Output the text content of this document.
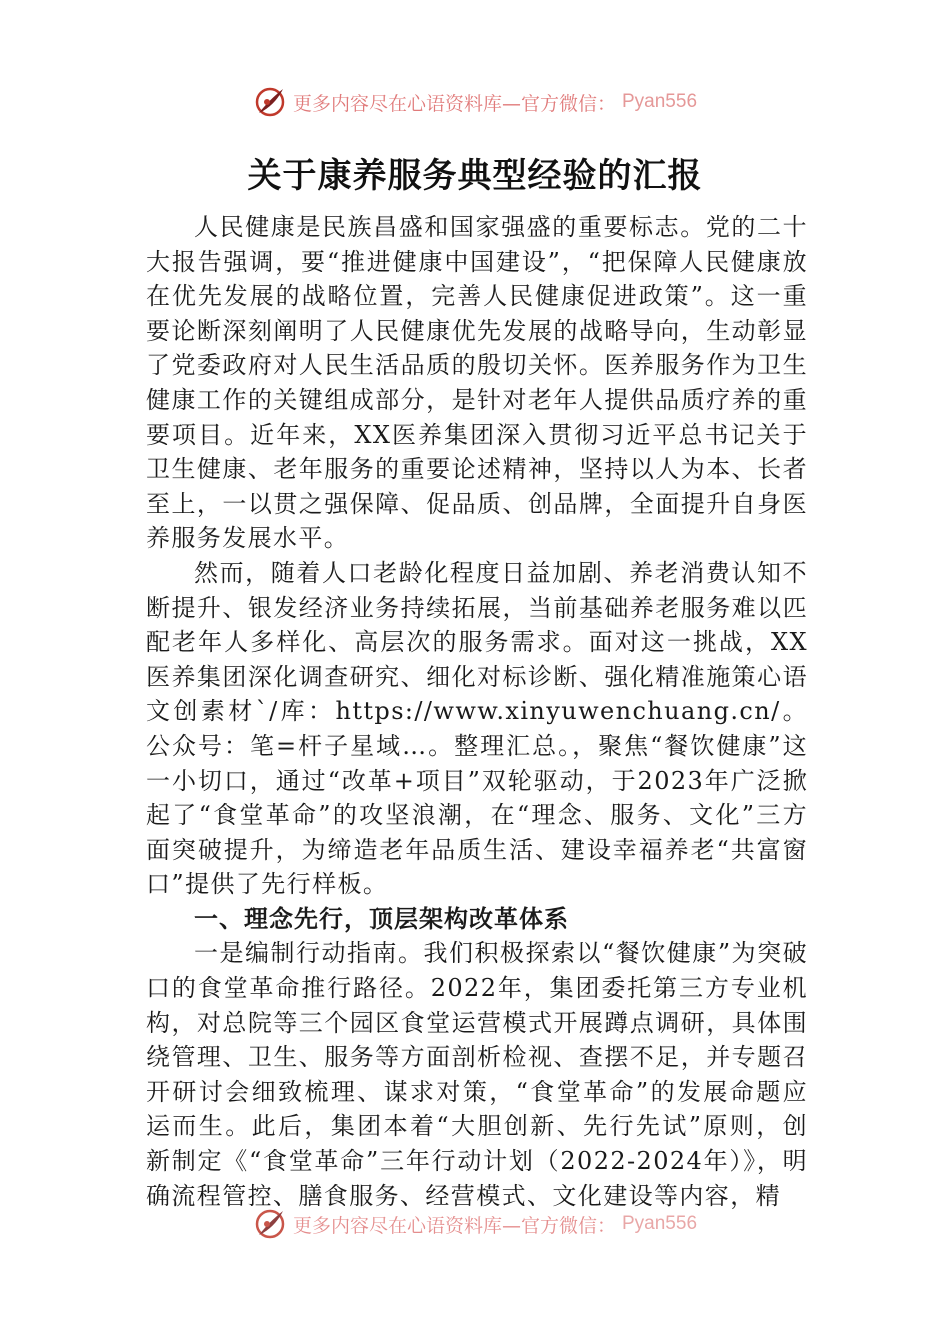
更多内容尽在心语资料库—官方微信： Pyan556
关于康养服务典型经验的汇报

人民健康是民族昌盛和国家强盛的重要标志。党的二十大报告强调，要“推进健康中国建设”，“把保障人民健康放在优先发展的战略位置，完善人民健康促进政策”。这一重要论断深刻阐明了人民健康优先发展的战略导向，生动彰显了党委政府对人民生活品质的殷切关怀。医养服务作为卫生健康工作的关键组成部分，是针对老年人提供品质疗养的重要项目。近年来，XX医养集团深入贯彻习近平总书记关于卫生健康、老年服务的重要论述精神，坚持以人为本、长者至上，一以贯之强保障、促品质、创品牌，全面提升自身医养服务发展水平。

然而，随着人口老龄化程度日益加剧、养老消费认知不断提升、银发经济业务持续拓展，当前基础养老服务难以匹配老年人多样化、高层次的服务需求。面对这一挑战，XX医养集团深化调查研究、细化对标诊断、强化精准施策心语文创素材`/库：https://www.xinyuwenchuang.cn/。公众号：笔=杆子星域…。整理汇总。，聚焦“餐饮健康”这一小切口，通过“改革+项目”双轮驱动，于2023年广泛掀起了“食堂革命”的攻坚浪潮，在“理念、服务、文化”三方面突破提升，为缔造老年品质生活、建设幸福养老“共富窗口”提供了先行样板。

一、理念先行，顶层架构改革体系

一是编制行动指南。我们积极探索以“餐饮健康”为突破口的食堂革命推行路径。2022年，集团委托第三方专业机构，对总院等三个园区食堂运营模式开展蹲点调研，具体围绕管理、卫生、服务等方面剖析检视、查摆不足，并专题召开研讨会细致梳理、谋求对策，“食堂革命”的发展命题应运而生。此后，集团本着“大胆创新、先行先试”原则，创新制定《“食堂革命”三年行动计划（2022-2024年）》，明确流程管控、膳食服务、经营模式、文化建设等内容，精

更多内容尽在心语资料库—官方微信： Pyan556
